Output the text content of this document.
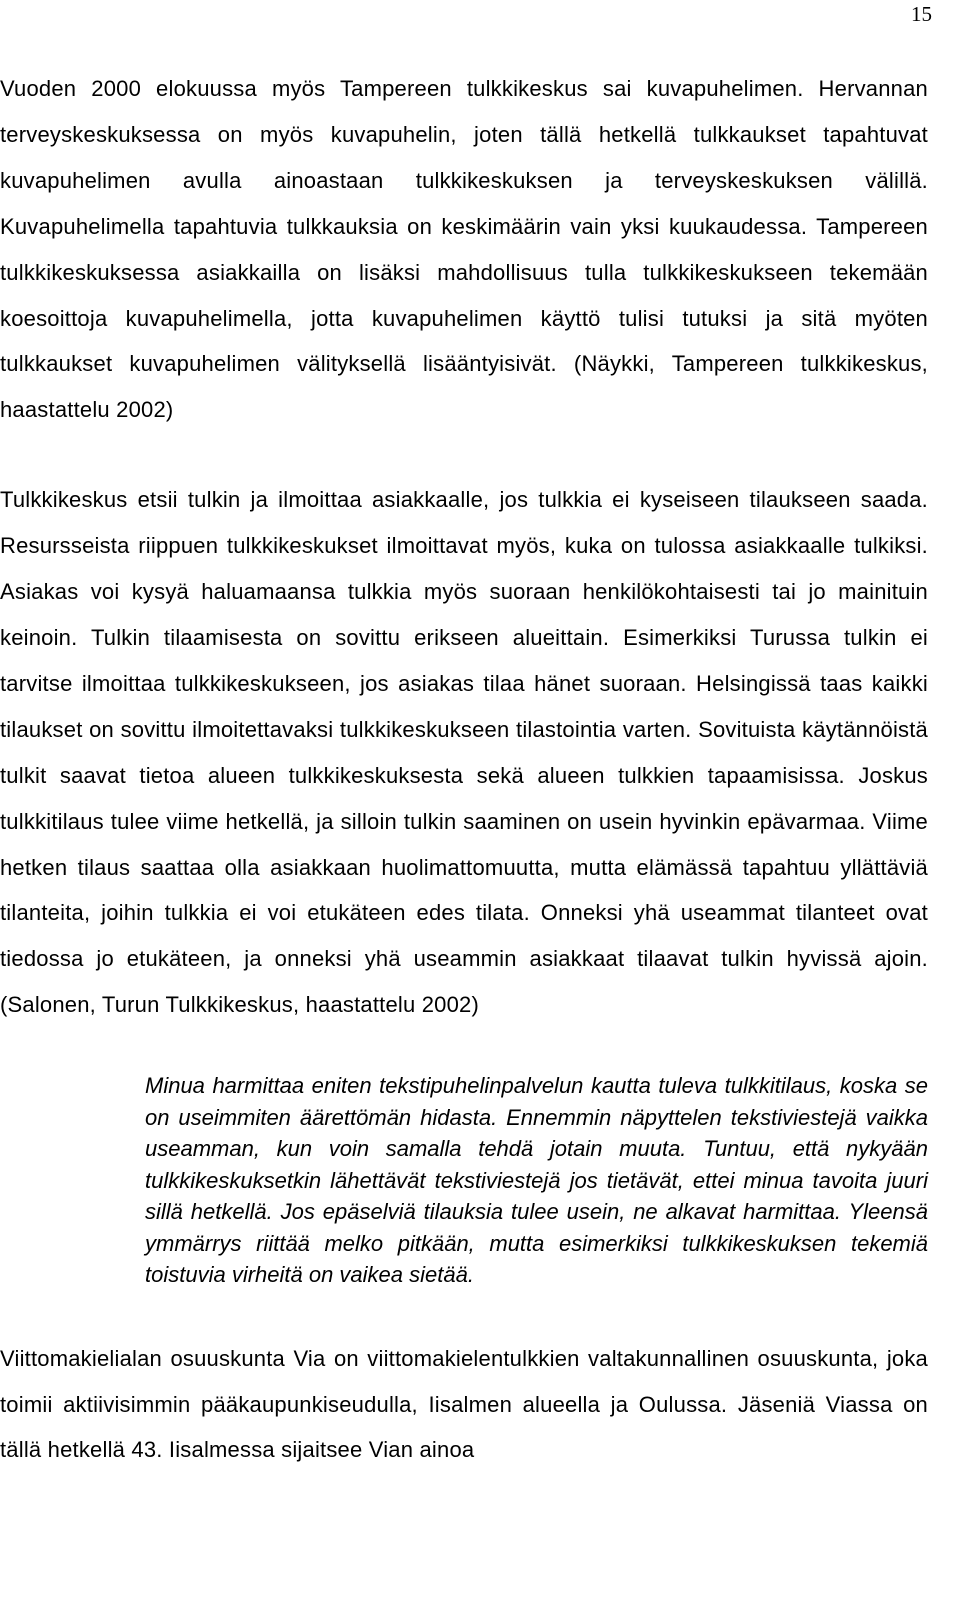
15

Vuoden 2000 elokuussa myös Tampereen tulkkikeskus sai kuvapuhelimen. Hervannan terveyskeskuksessa on myös kuvapuhelin, joten tällä hetkellä tulkkaukset tapahtuvat kuvapuhelimen avulla ainoastaan tulkkikeskuksen ja terveyskeskuksen välillä. Kuvapuhelimella tapahtuvia tulkkauksia on keskimäärin vain yksi kuukaudessa. Tampereen tulkkikeskuksessa asiakkailla on lisäksi mahdollisuus tulla tulkkikeskukseen tekemään koesoittoja kuvapuhelimella, jotta kuvapuhelimen käyttö tulisi tutuksi ja sitä myöten tulkkaukset kuvapuhelimen välityksellä lisääntyisivät. (Näykki, Tampereen tulkkikeskus, haastattelu 2002)

Tulkkikeskus etsii tulkin ja ilmoittaa asiakkaalle, jos tulkkia ei kyseiseen tilaukseen saada. Resursseista riippuen tulkkikeskukset ilmoittavat myös, kuka on tulossa asiakkaalle tulkiksi. Asiakas voi kysyä haluamaansa tulkkia myös suoraan henkilökohtaisesti tai jo mainituin keinoin. Tulkin tilaamisesta on sovittu erikseen alueittain. Esimerkiksi Turussa tulkin ei tarvitse ilmoittaa tulkkikeskukseen, jos asiakas tilaa hänet suoraan. Helsingissä taas kaikki tilaukset on sovittu ilmoitettavaksi tulkkikeskukseen tilastointia varten. Sovituista käytännöistä tulkit saavat tietoa alueen tulkkikeskuksesta sekä alueen tulkkien tapaamisissa. Joskus tulkkitilaus tulee viime hetkellä, ja silloin tulkin saaminen on usein hyvinkin epävarmaa. Viime hetken tilaus saattaa olla asiakkaan huolimattomuutta, mutta elämässä tapahtuu yllättäviä tilanteita, joihin tulkkia ei voi etukäteen edes tilata. Onneksi yhä useammat tilanteet ovat tiedossa jo etukäteen, ja onneksi yhä useammin asiakkaat tilaavat tulkin hyvissä ajoin. (Salonen, Turun Tulkkikeskus, haastattelu 2002)

Minua harmittaa eniten tekstipuhelinpalvelun kautta tuleva tulkkitilaus, koska se on useimmiten äärettömän hidasta. Ennemmin näpyttelen tekstiviestejä vaikka useamman, kun voin samalla tehdä jotain muuta. Tuntuu, että nykyään tulkkikeskuksetkin lähettävät tekstiviestejä jos tietävät, ettei minua tavoita juuri sillä hetkellä. Jos epäselviä tilauksia tulee usein, ne alkavat harmittaa. Yleensä ymmärrys riittää melko pitkään, mutta esimerkiksi tulkkikeskuksen tekemiä toistuvia virheitä on vaikea sietää.

Viittomakielialan osuuskunta Via on viittomakielentulkkien valtakunnallinen osuuskunta, joka toimii aktiivisimmin pääkaupunkiseudulla, Iisalmen alueella ja Oulussa. Jäseniä Viassa on tällä hetkellä 43. Iisalmessa sijaitsee Vian ainoa
